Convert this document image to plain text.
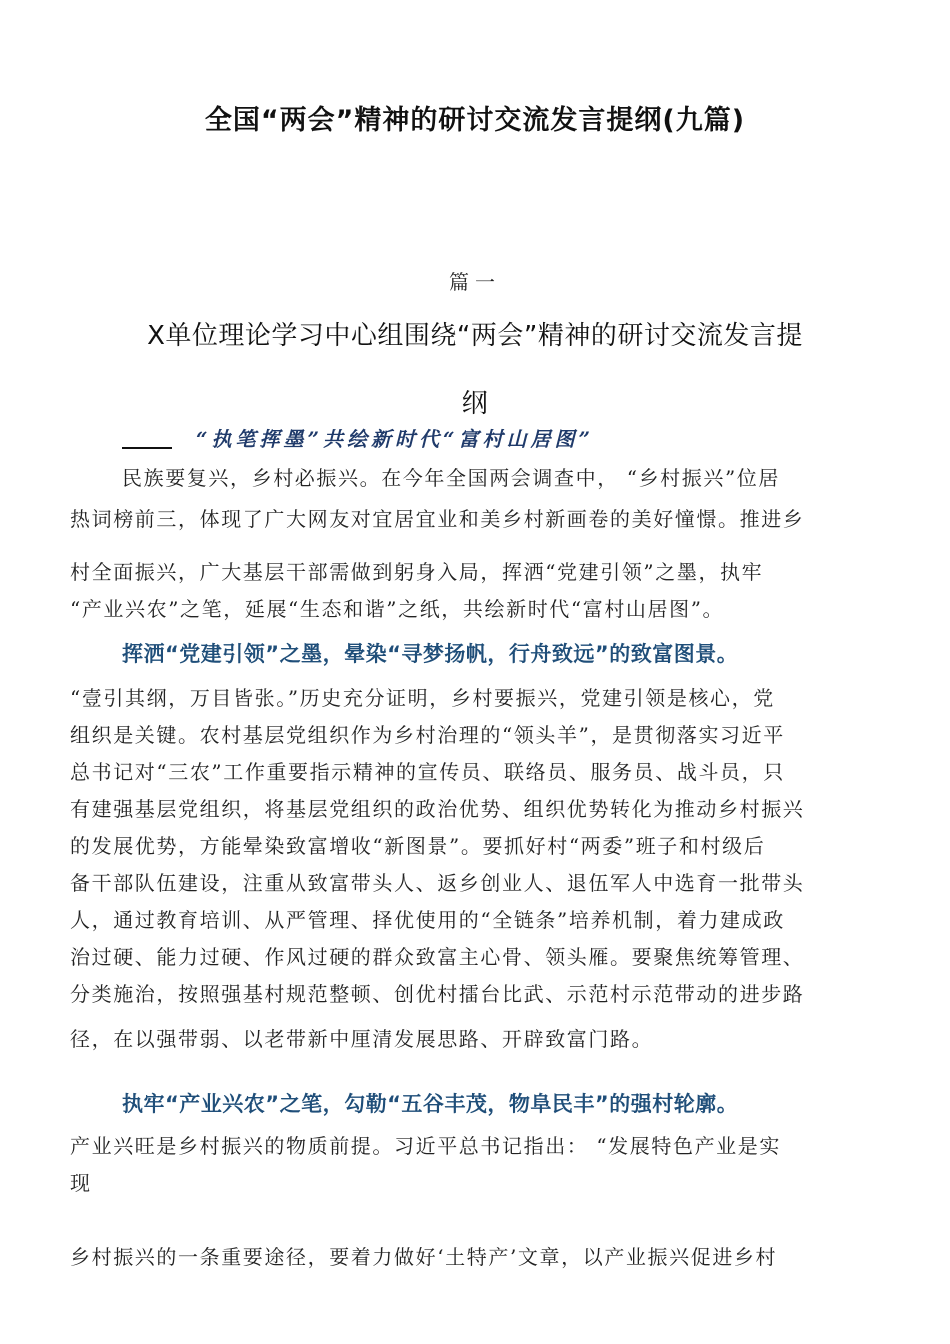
全国“两会”精神的研讨交流发言提纲(九篇)
篇一
X单位理论学习中心组围绕“两会”精神的研讨交流发言提
纲
“执笔挥墨”共绘新时代“富村山居图”
民族要复兴，乡村必振兴。在今年全国两会调查中， “乡村振兴”位居
热词榜前三，体现了广大网友对宜居宜业和美乡村新画卷的美好憧憬。推进乡
村全面振兴，广大基层干部需做到躬身入局，挥洒“党建引领”之墨，执牢
“产业兴农”之笔，延展“生态和谐”之纸，共绘新时代“富村山居图”。
挥洒“党建引领”之墨，晕染“寻梦扬帆，行舟致远”的致富图景。
“壹引其纲，万目皆张。”历史充分证明，乡村要振兴，党建引领是核心，党
组织是关键。农村基层党组织作为乡村治理的“领头羊”，是贯彻落实习近平
总书记对“三农”工作重要指示精神的宣传员、联络员、服务员、战斗员，只
有建强基层党组织，将基层党组织的政治优势、组织优势转化为推动乡村振兴
的发展优势，方能晕染致富增收“新图景”。要抓好村“两委”班子和村级后
备干部队伍建设，注重从致富带头人、返乡创业人、退伍军人中选育一批带头
人，通过教育培训、从严管理、择优使用的“全链条”培养机制，着力建成政
治过硬、能力过硬、作风过硬的群众致富主心骨、领头雁。要聚焦统筹管理、
分类施治，按照强基村规范整顿、创优村擂台比武、示范村示范带动的进步路
径，在以强带弱、以老带新中厘清发展思路、开辟致富门路。
执牢“产业兴农”之笔，勾勒“五谷丰茂，物阜民丰”的强村轮廓。
产业兴旺是乡村振兴的物质前提。习近平总书记指出： “发展特色产业是实
现
乡村振兴的一条重要途径，要着力做好‘土特产’文章，以产业振兴促进乡村
